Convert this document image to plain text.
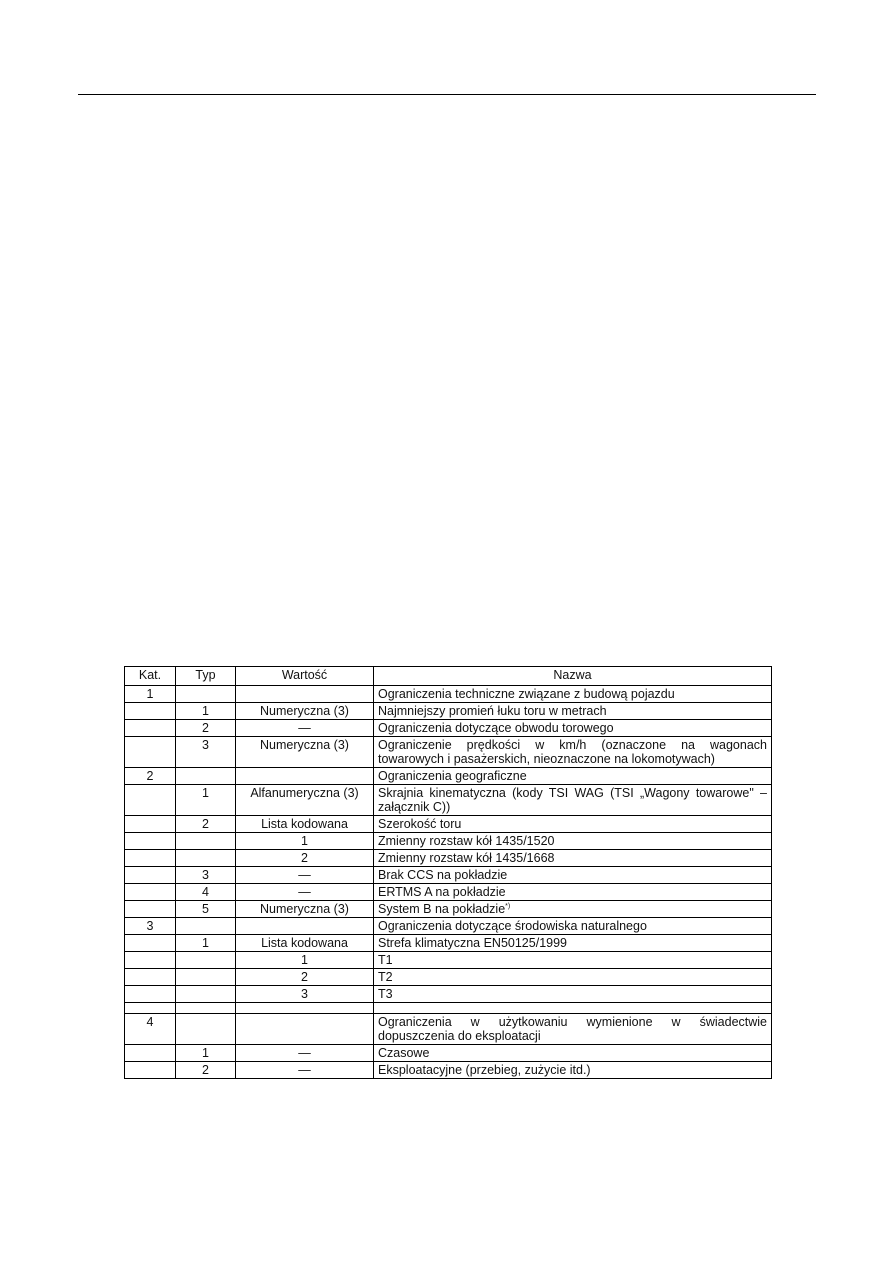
Kat.	Typ	Wartość	Nazwa
1			Ograniczenia techniczne związane z budową pojazdu
	1	Numeryczna (3)	Najmniejszy promień łuku toru w metrach
	2	—	Ograniczenia dotyczące obwodu torowego
	3	Numeryczna (3)	Ograniczenie prędkości w km/h (oznaczone na wagonach towarowych i pasażerskich, nieoznaczone na lokomotywach)
2			Ograniczenia geograficzne
	1	Alfanumeryczna (3)	Skrajnia kinematyczna (kody TSI WAG (TSI „Wagony towarowe" – załącznik C))
	2	Lista kodowana	Szerokość toru
		1	Zmienny rozstaw kół 1435/1520
		2	Zmienny rozstaw kół 1435/1668
	3	—	Brak CCS na pokładzie
	4	—	ERTMS A na pokładzie
	5	Numeryczna (3)	System B na pokładzie*)
3			Ograniczenia dotyczące środowiska naturalnego
	1	Lista kodowana	Strefa klimatyczna EN50125/1999
		1	T1
		2	T2
		3	T3

4			Ograniczenia w użytkowaniu wymienione w świadectwie dopuszczenia do eksploatacji
	1	—	Czasowe
	2	—	Eksploatacyjne (przebieg, zużycie itd.)
